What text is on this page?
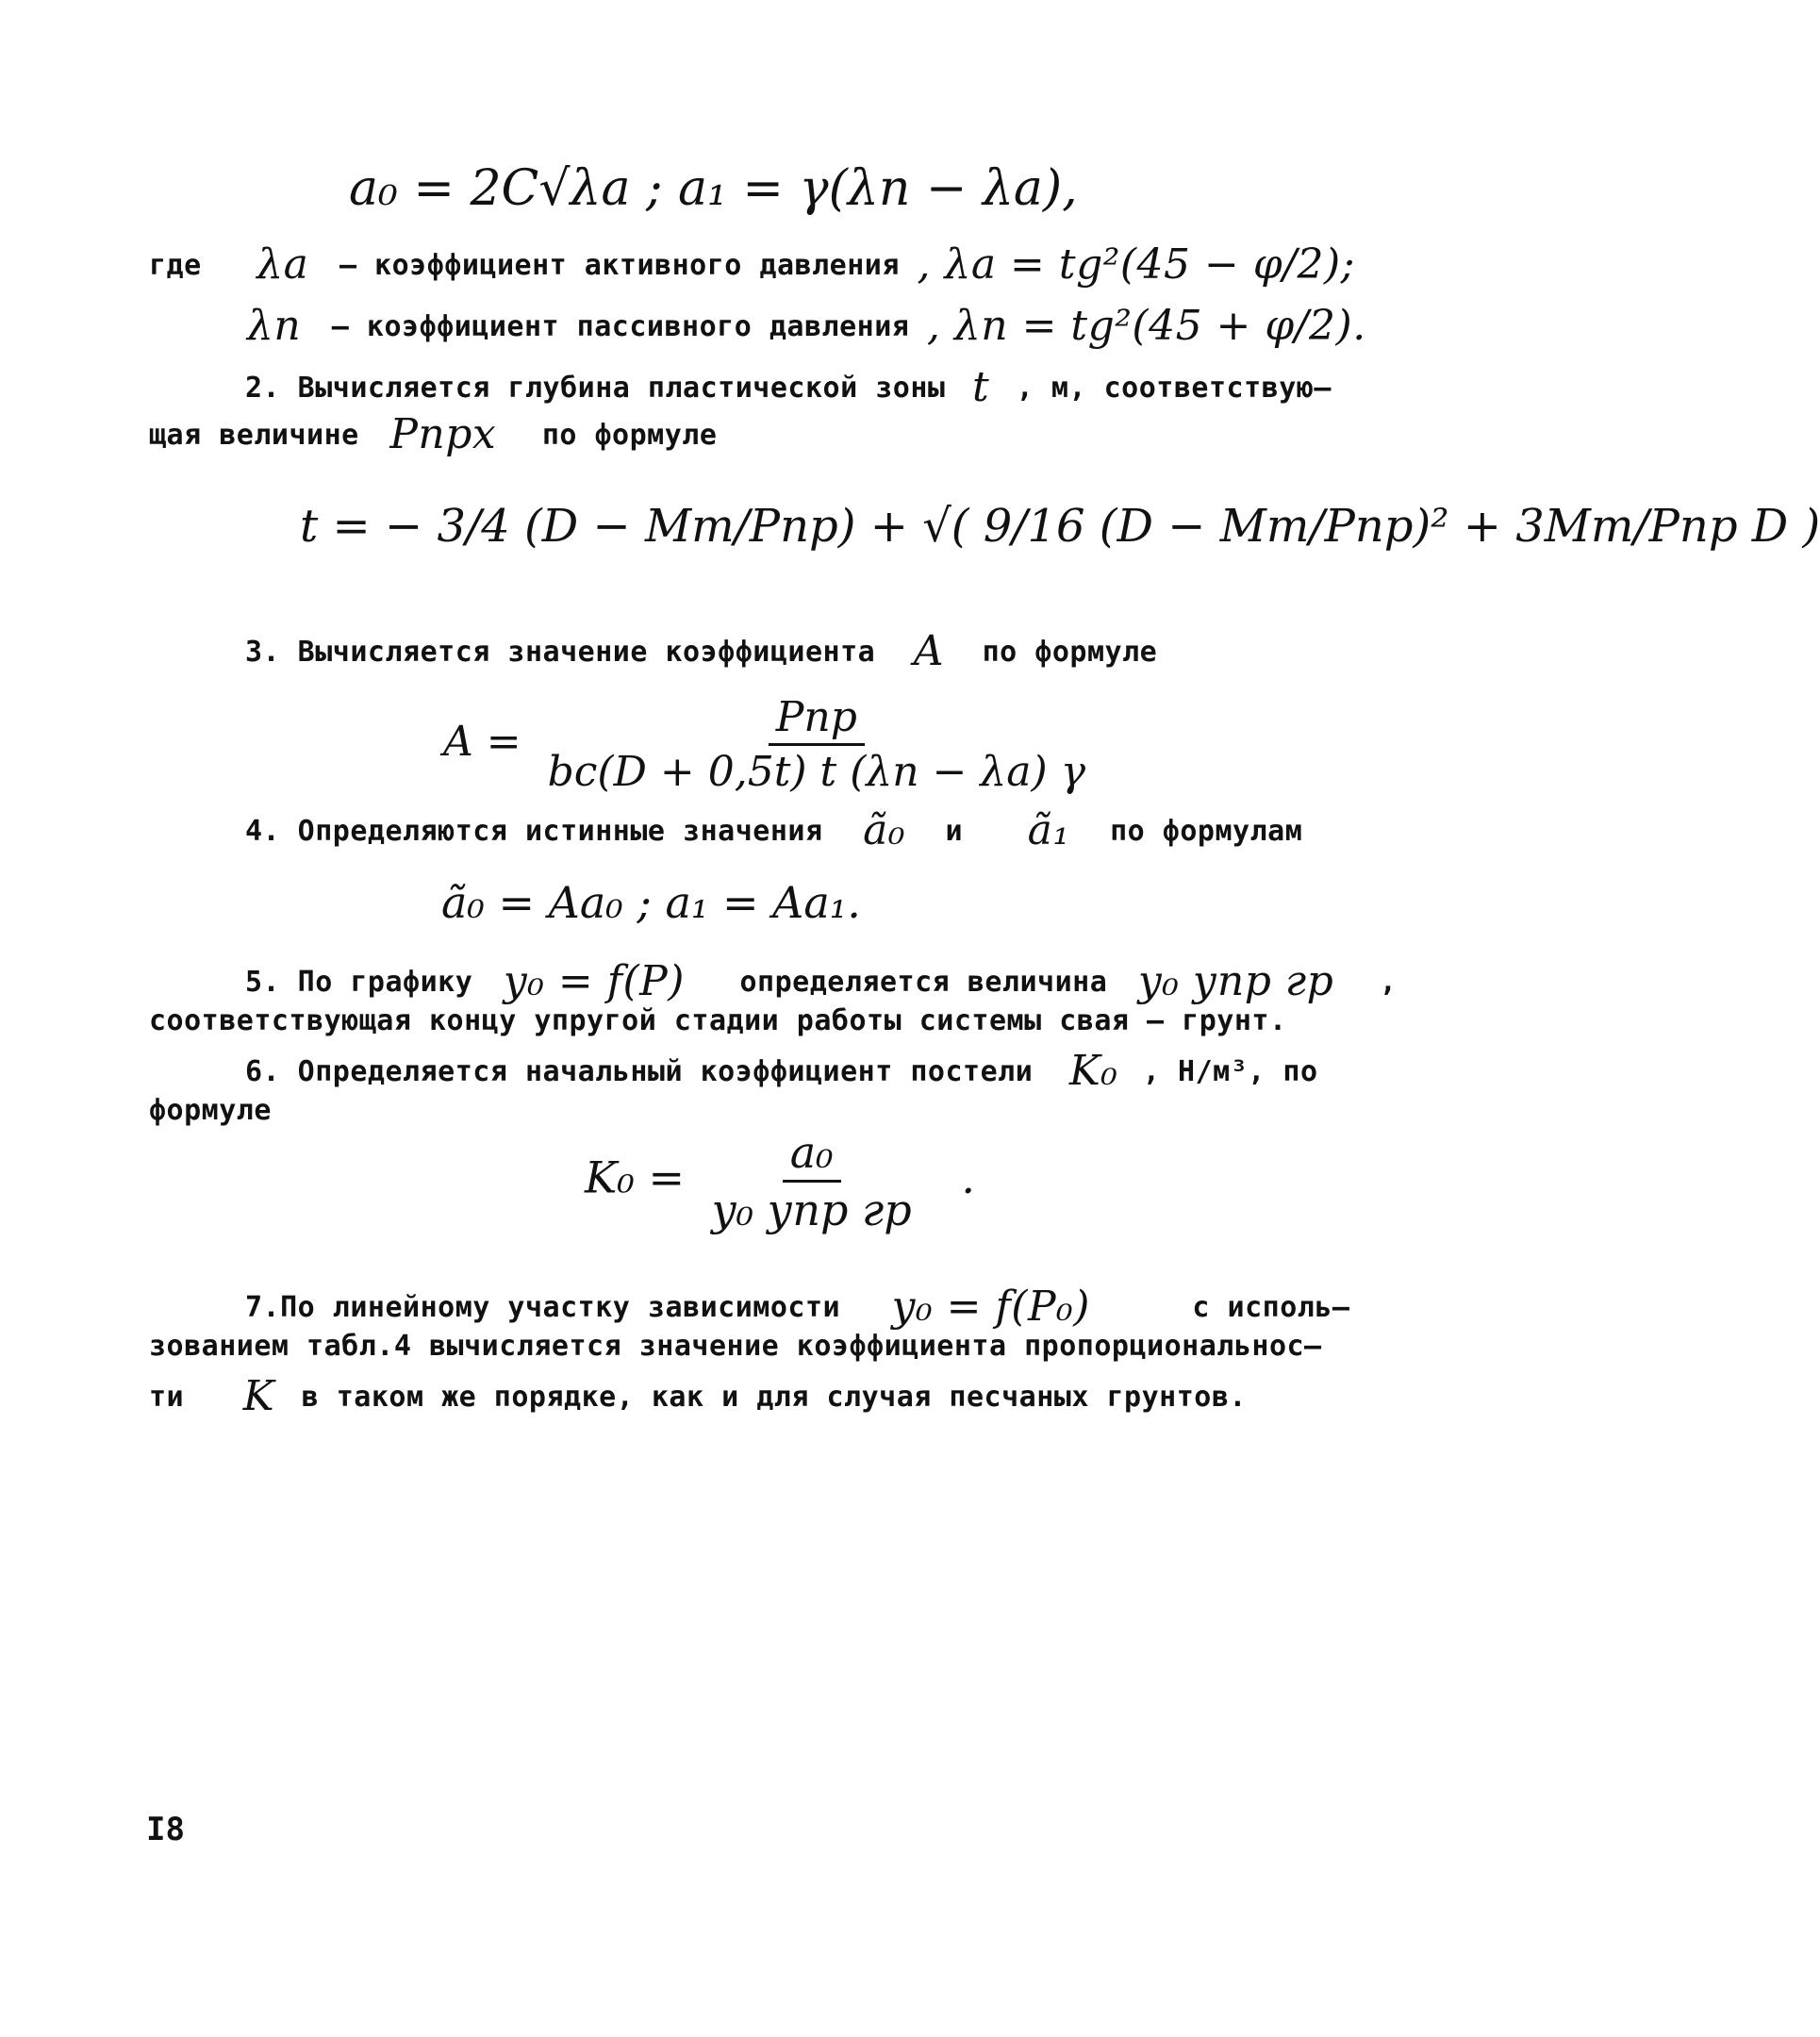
a₀ = 2C√λa ; a₁ = γ(λп − λa),
где λa – коэффициент активного давления , λa = tg²(45 − φ/2);
λп – коэффициент пассивного давления , λп = tg²(45 + φ/2).
2. Вычисляется глубина пластической зоны t , м, соответствую–
щая величине Pпрx по формуле
t = − 3/4 (D − Mт/Pпр) + √( 9/16 (D − Mт/Pпр)² + 3Mт/Pпр D )
3. Вычисляется значение коэффициента A по формуле
$A = \frac{\text{Pпр}}{bc(D + 0,5t) t (\lambda п - \lambda a) \gamma}$
4. Определяются истинные значения ã₀ и ã₁ по формулам
ã₀ = Aa₀ ; a₁ = Aa₁.
5. По графику y₀ = f(P) определяется величина y₀ упр гр ,
соответствующая концу упругой стадии работы системы свая – грунт.
6. Определяется начальный коэффициент постели K₀ , Н/м³, по
формуле
$K_0 = \frac{\text{a₀}}{\text{y₀ упр гр}}$ .
7.По линейному участку зависимости y₀ = f(P₀)	с исполь–
зованием табл.4 вычисляется значение коэффициента пропорциональнос–
ти K в таком же порядке, как и для случая песчаных грунтов.
I8
